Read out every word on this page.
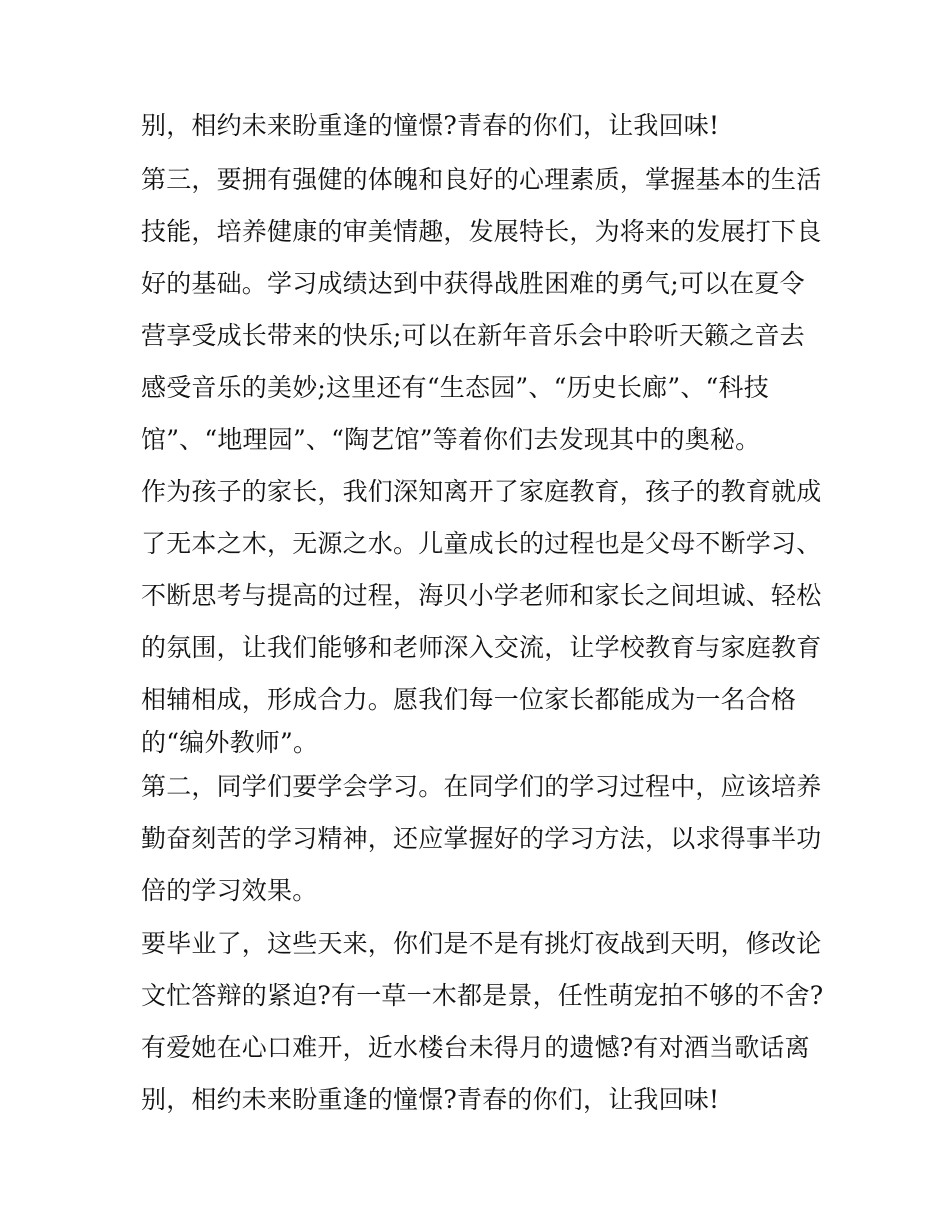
别，相约未来盼重逢的憧憬?青春的你们，让我回味!
第三，要拥有强健的体魄和良好的心理素质，掌握基本的生活
技能，培养健康的审美情趣，发展特长，为将来的发展打下良
好的基础。学习成绩达到中获得战胜困难的勇气;可以在夏令
营享受成长带来的快乐;可以在新年音乐会中聆听天籁之音去
感受音乐的美妙;这里还有“生态园”、“历史长廊”、“科技
馆”、“地理园”、“陶艺馆”等着你们去发现其中的奥秘。
作为孩子的家长，我们深知离开了家庭教育，孩子的教育就成
了无本之木，无源之水。儿童成长的过程也是父母不断学习、
不断思考与提高的过程，海贝小学老师和家长之间坦诚、轻松
的氛围，让我们能够和老师深入交流，让学校教育与家庭教育
相辅相成，形成合力。愿我们每一位家长都能成为一名合格
的“编外教师”。
第二，同学们要学会学习。在同学们的学习过程中，应该培养
勤奋刻苦的学习精神，还应掌握好的学习方法，以求得事半功
倍的学习效果。
要毕业了，这些天来，你们是不是有挑灯夜战到天明，修改论
文忙答辩的紧迫?有一草一木都是景，任性萌宠拍不够的不舍?
有爱她在心口难开，近水楼台未得月的遗憾?有对酒当歌话离
别，相约未来盼重逢的憧憬?青春的你们，让我回味!
